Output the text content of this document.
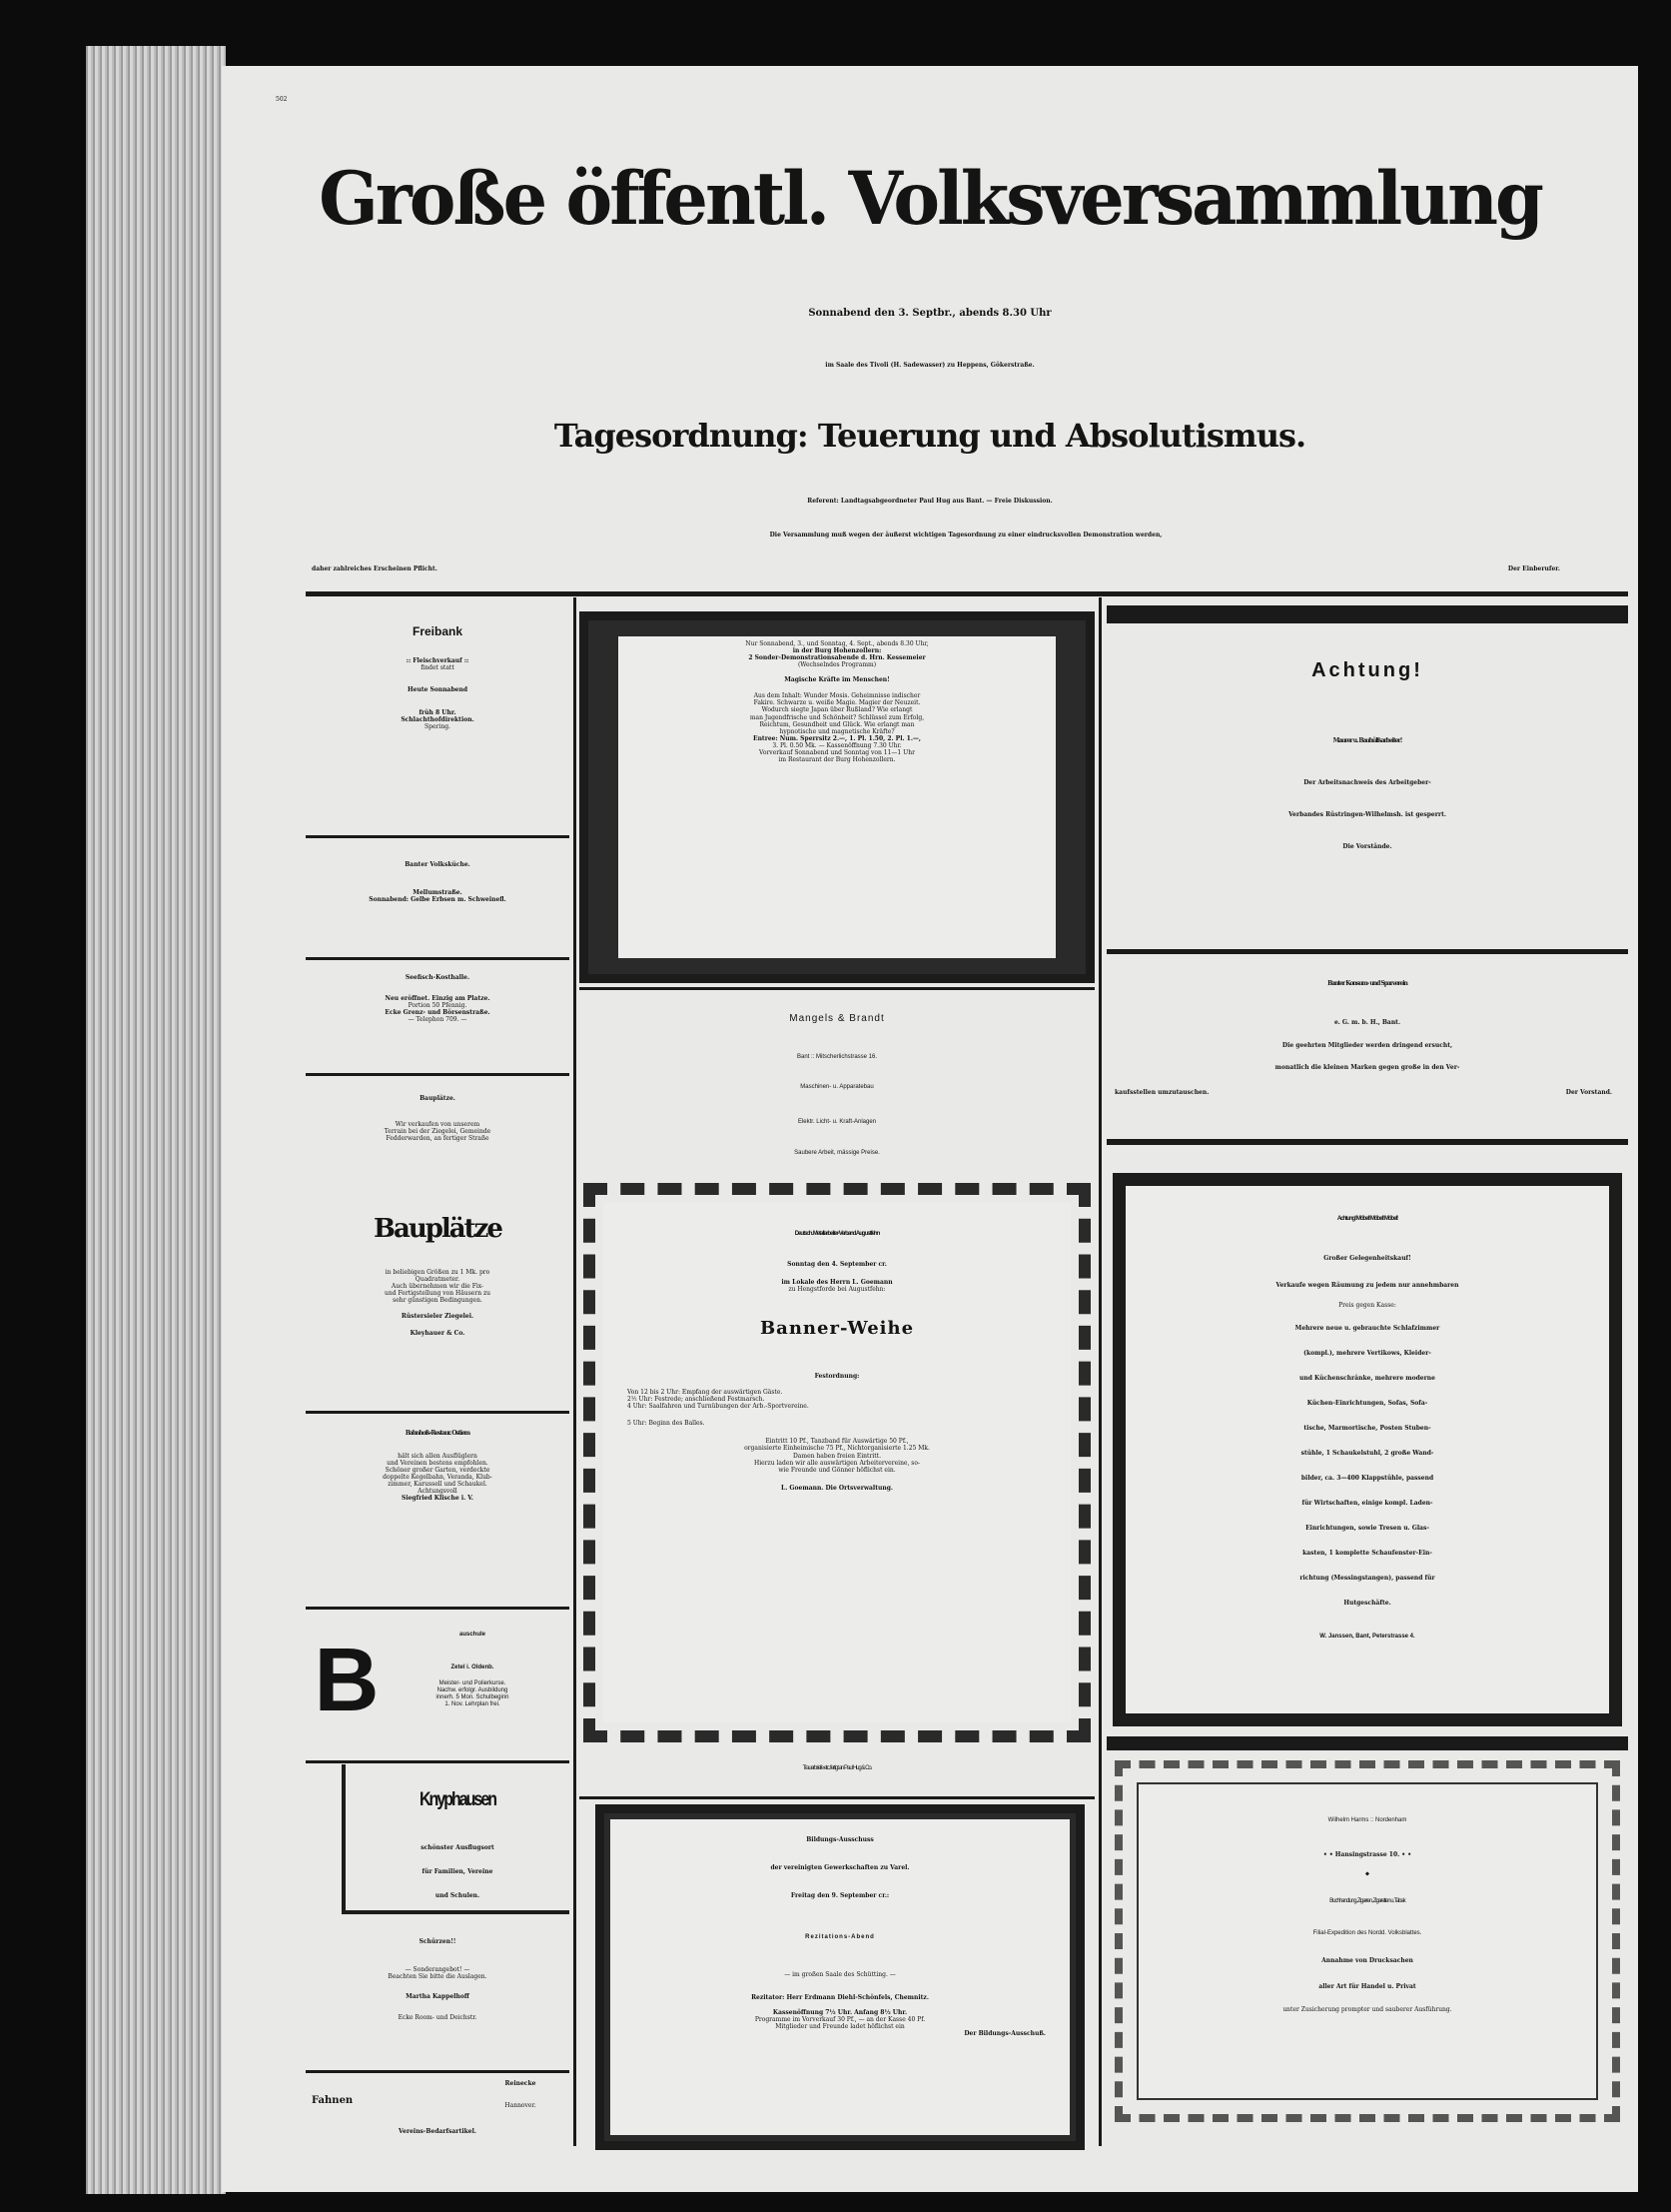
502
Große öffentl. Volksversammlung
Sonnabend den 3. Septbr., abends 8.30 Uhr
im Saale des Tivoli (H. Sadewasser) zu Heppens, Gökerstraße.
Tagesordnung: Teuerung und Absolutismus.
Referent: Landtagsabgeordneter Paul Hug aus Bant. — Freie Diskussion.
Die Versammlung muß wegen der äußerst wichtigen Tagesordnung zu einer eindrucksvollen Demonstration werden,
daher zahlreiches Erscheinen Pflicht.	Der Einberufer.
Freibank
:: Fleischverkauf ::
findet statt
Heute Sonnabend
früh 8 Uhr.
Schlachthofdirektion.
Spering.
Banter Volksküche.
Mellumstraße.
Sonnabend: Gelbe Erbsen m. Schweinefl.
Seefisch-Kosthalle.
Neu eröffnet. Einzig am Platze.
Portion 50 Pfennig.
Ecke Grenz- und Börsenstraße.
— Telephon 709. —
Bauplätze.
Wir verkaufen von unserem
Terrain bei der Ziegelei, Gemeinde
Fedderwarden, an fertiger Straße
Bauplätze
in beliebigen Größen zu 1 Mk. pro
Quadratmeter.
Auch übernehmen wir die Fix-
und Fertigstellung von Häusern zu
sehr günstigen Bedingungen.
Rüstersieler Ziegelei.
Kleyhauer & Co.
Bahnhofs-Restaur. Ostiem
hält sich allen Ausflüglern
und Vereinen bestens empfohlen.
Schöner großer Garten, verdeckte
doppelte Kegelbahn, Veranda, Klub-
zimmer, Karussell und Schaukel.
Achtungsvoll
Siegfried Klische i. V.
B	auschule
Zetel i. Oldenb.
Meister- und Polierkurse.
Nachw. erfolgr. Ausbildung
innerh. 5 Mon. Schulbeginn
1. Nov. Lehrplan frei.
Knyphausen
schönster Ausflugsort
für Familien, Vereine
und Schulen.
Schürzen!!
— Sonderangebot! —
Beachten Sie bitte die Auslagen.
Martha Kappelhoff
Ecke Room- und Deichstr.
Fahnen
Reinecke
Hannover.
Vereins-Bedarfsartikel.
Nur Sonnabend, 3., und Sonntag, 4. Sept., abends 8.30 Uhr,
in der Burg Hohenzollern:
2 Sonder-Demonstrationsabende d. Hrn. Kessemeier
(Wechselndes Programm)
Magische Kräfte im Menschen!
Aus dem Inhalt: Wunder Mosis. Geheimnisse indischer
Fakire. Schwarze u. weiße Magie. Magier der Neuzeit.
Wodurch siegte Japan über Rußland? Wie erlangt
man Jugendfrische und Schönheit? Schlüssel zum Erfolg,
Reichtum, Gesundheit und Glück. Wie erlangt man
hypnotische und magnetische Kräfte?
Entree: Num. Sperrsitz 2.—, 1. Pl. 1.50, 2. Pl. 1.—,
3. Pl. 0.50 Mk. — Kassenöffnung 7.30 Uhr.
Vorverkauf Sonnabend und Sonntag von 11—1 Uhr
im Restaurant der Burg Hohenzollern.
Mangels & Brandt
Bant :: Mitscherlichstrasse 16.
Maschinen- u. Apparatebau
Elektr. Licht- u. Kraft-Anlagen
Saubere Arbeit, mässige Preise.
Deutsch. Metallarbeiter-Verband Augustfehn
Sonntag den 4. September cr.
im Lokale des Herrn L. Goemann
zu Hengstforde bei Augustfehn:
Banner-Weihe
Festordnung:
Von 12 bis 2 Uhr: Empfang der auswärtigen Gäste.
2½ Uhr: Festrede; anschließend Festmarsch.
4 Uhr: Saalfahren und Turnübungen der Arb.-Sportvereine.
5 Uhr: Beginn des Balles.
Eintritt 10 Pf., Tanzband für Auswärtige 50 Pf.,
organisierte Einheimische 75 Pf., Nichtorganisierte 1.25 Mk.
Damen haben freien Eintritt.
Hierzu laden wir alle auswärtigen Arbeitervereine, so-
wie Freunde und Gönner höflichst ein.
L. Goemann. Die Ortsverwaltung.
Trauerbriefe etc. fertigt an Paul Hug & Co.
Bildungs-Ausschuss
der vereinigten Gewerkschaften zu Varel.
Freitag den 9. September cr.:
Rezitations-Abend
— im großen Saale des Schütting. —
Rezitator: Herr Erdmann Diehl-Schönfels, Chemnitz.
Kassenöffnung 7½ Uhr. Anfang 8½ Uhr.
Programme im Vorverkauf 30 Pf., — an der Kasse 40 Pf.
Mitglieder und Freunde ladet höflichst ein
Der Bildungs-Ausschuß.
Achtung!
Maurer u. Bauhülfsarbeiter!
Der Arbeitsnachweis des Arbeitgeber-
Verbandes Rüstringen-Wilhelmsh. ist gesperrt.
Die Vorstände.
Banter Konsum- und Sparverein
e. G. m. b. H., Bant.
Die geehrten Mitglieder werden dringend ersucht,
monatlich die kleinen Marken gegen große in den Ver-
kaufsstellen umzutauschen.	Der Vorstand.
Achtung! Möbel! Möbel! Möbel!
Großer Gelegenheitskauf!
Verkaufe wegen Räumung zu jedem nur annehmbaren
Preis gegen Kasse:
Mehrere neue u. gebrauchte Schlafzimmer
(kompl.), mehrere Vertikows, Kleider-
und Küchenschränke, mehrere moderne
Küchen-Einrichtungen, Sofas, Sofa-
tische, Marmortische, Posten Stuben-
stühle, 1 Schaukelstuhl, 2 große Wand-
bilder, ca. 3—400 Klappstühle, passend
für Wirtschaften, einige kompl. Laden-
Einrichtungen, sowie Tresen u. Glas-
kasten, 1 komplette Schaufenster-Ein-
richtung (Messingstangen), passend für
Hutgeschäfte.
W. Janssen, Bant, Peterstrasse 4.
Wilhelm Harms :: Nordenham
• • Hansingstrasse 10. • •
⬥
Buchhandlung, Zigarren, Zigaretten u. Tabak
Filial-Expedition des Nordd. Volksblattes.
Annahme von Drucksachen
aller Art für Handel u. Privat
unter Zusicherung prompter und sauberer Ausführung.
